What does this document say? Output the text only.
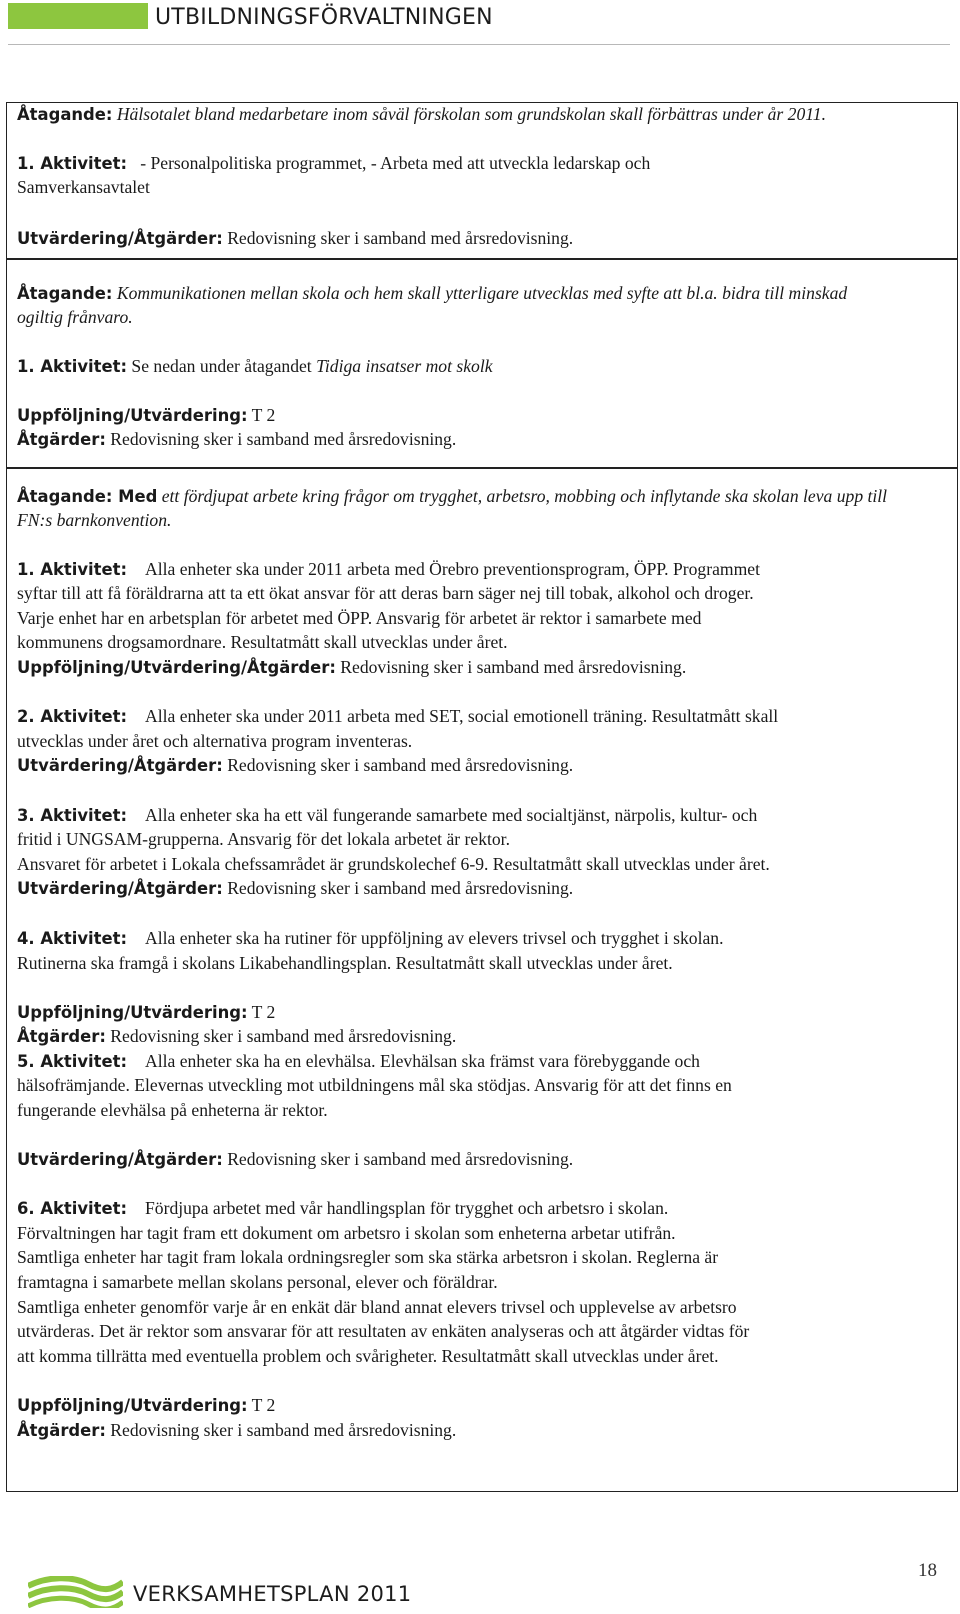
UTBILDNINGSFÖRVALTNINGEN
Åtagande: Hälsotalet bland medarbetare inom såväl förskolan som grundskolan skall förbättras under år 2011.
1. Aktivitet:   - Personalpolitiska programmet, - Arbeta med att utveckla ledarskap och
Samverkansavtalet
Utvärdering/Åtgärder: Redovisning sker i samband med årsredovisning.
Åtagande: Kommunikationen mellan skola och hem skall ytterligare utvecklas med syfte att bl.a. bidra till minskad
ogiltig frånvaro.
1. Aktivitet: Se nedan under åtagandet Tidiga insatser mot skolk
Uppföljning/Utvärdering: T 2
Åtgärder: Redovisning sker i samband med årsredovisning.
Åtagande: Med ett fördjupat arbete kring frågor om trygghet, arbetsro, mobbing och inflytande ska skolan leva upp till
FN:s barnkonvention.
1. Aktivitet: Alla enheter ska under 2011 arbeta med Örebro preventionsprogram, ÖPP. Programmet
syftar till att få föräldrarna att ta ett ökat ansvar för att deras barn säger nej till tobak, alkohol och droger.
Varje enhet har en arbetsplan för arbetet med ÖPP. Ansvarig för arbetet är rektor i samarbete med
kommunens drogsamordnare. Resultatmått skall utvecklas under året.
Uppföljning/Utvärdering/Åtgärder: Redovisning sker i samband med årsredovisning.
2. Aktivitet: Alla enheter ska under 2011 arbeta med SET, social emotionell träning. Resultatmått skall
utvecklas under året och alternativa program inventeras.
Utvärdering/Åtgärder: Redovisning sker i samband med årsredovisning.
3. Aktivitet: Alla enheter ska ha ett väl fungerande samarbete med socialtjänst, närpolis, kultur- och
fritid i UNGSAM-grupperna. Ansvarig för det lokala arbetet är rektor.
Ansvaret för arbetet i Lokala chefssamrådet är grundskolechef 6-9. Resultatmått skall utvecklas under året.
Utvärdering/Åtgärder: Redovisning sker i samband med årsredovisning.
4. Aktivitet: Alla enheter ska ha rutiner för uppföljning av elevers trivsel och trygghet i skolan.
Rutinerna ska framgå i skolans Likabehandlingsplan. Resultatmått skall utvecklas under året.
Uppföljning/Utvärdering: T 2
Åtgärder: Redovisning sker i samband med årsredovisning.
5. Aktivitet: Alla enheter ska ha en elevhälsa. Elevhälsan ska främst vara förebyggande och
hälsofrämjande. Elevernas utveckling mot utbildningens mål ska stödjas. Ansvarig för att det finns en
fungerande elevhälsa på enheterna är rektor.
Utvärdering/Åtgärder: Redovisning sker i samband med årsredovisning.
6. Aktivitet: Fördjupa arbetet med vår handlingsplan för trygghet och arbetsro i skolan.
Förvaltningen har tagit fram ett dokument om arbetsro i skolan som enheterna arbetar utifrån.
Samtliga enheter har tagit fram lokala ordningsregler som ska stärka arbetsron i skolan. Reglerna är
framtagna i samarbete mellan skolans personal, elever och föräldrar.
Samtliga enheter genomför varje år en enkät där bland annat elevers trivsel och upplevelse av arbetsro
utvärderas. Det är rektor som ansvarar för att resultaten av enkäten analyseras och att åtgärder vidtas för
att komma tillrätta med eventuella problem och svårigheter. Resultatmått skall utvecklas under året.
Uppföljning/Utvärdering: T 2
Åtgärder: Redovisning sker i samband med årsredovisning.
18
VERKSAMHETSPLAN 2011
